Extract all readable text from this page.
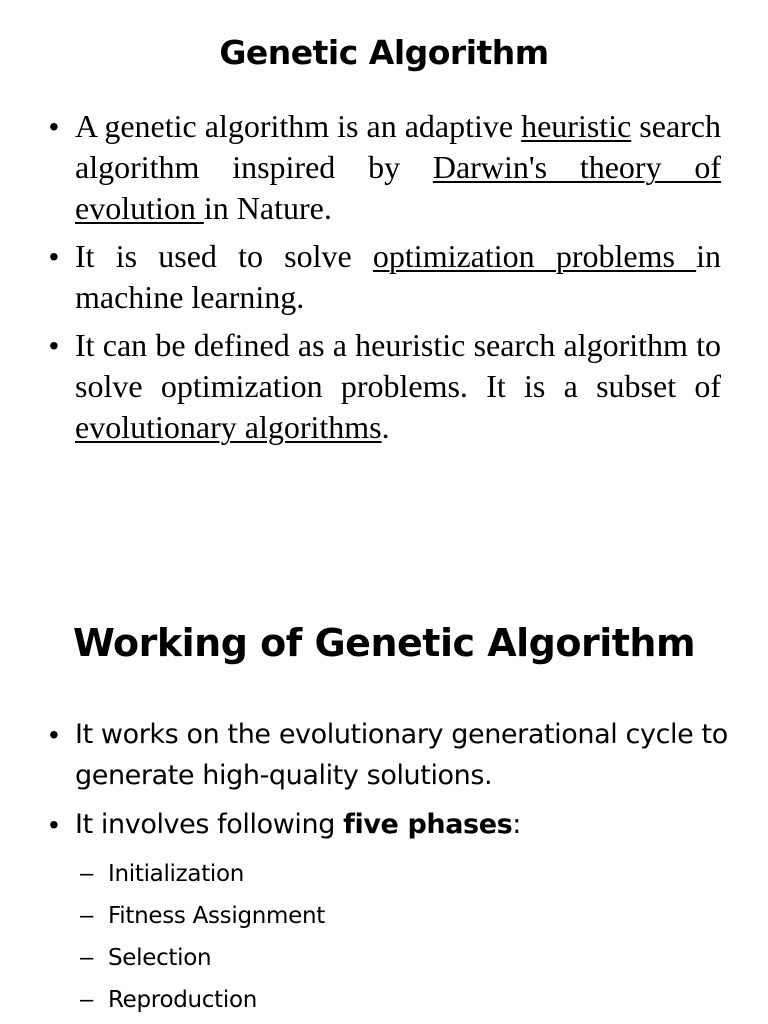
Genetic Algorithm
• A genetic algorithm is an adaptive heuristic search algorithm inspired by Darwin's theory of evolution in Nature.
• It is used to solve optimization problems in machine learning.
• It can be defined as a heuristic search algorithm to solve optimization problems. It is a subset of evolutionary algorithms.
Working of Genetic Algorithm
• It works on the evolutionary generational cycle to generate high-quality solutions.
• It involves following five phases:
– Initialization
– Fitness Assignment
– Selection
– Reproduction
